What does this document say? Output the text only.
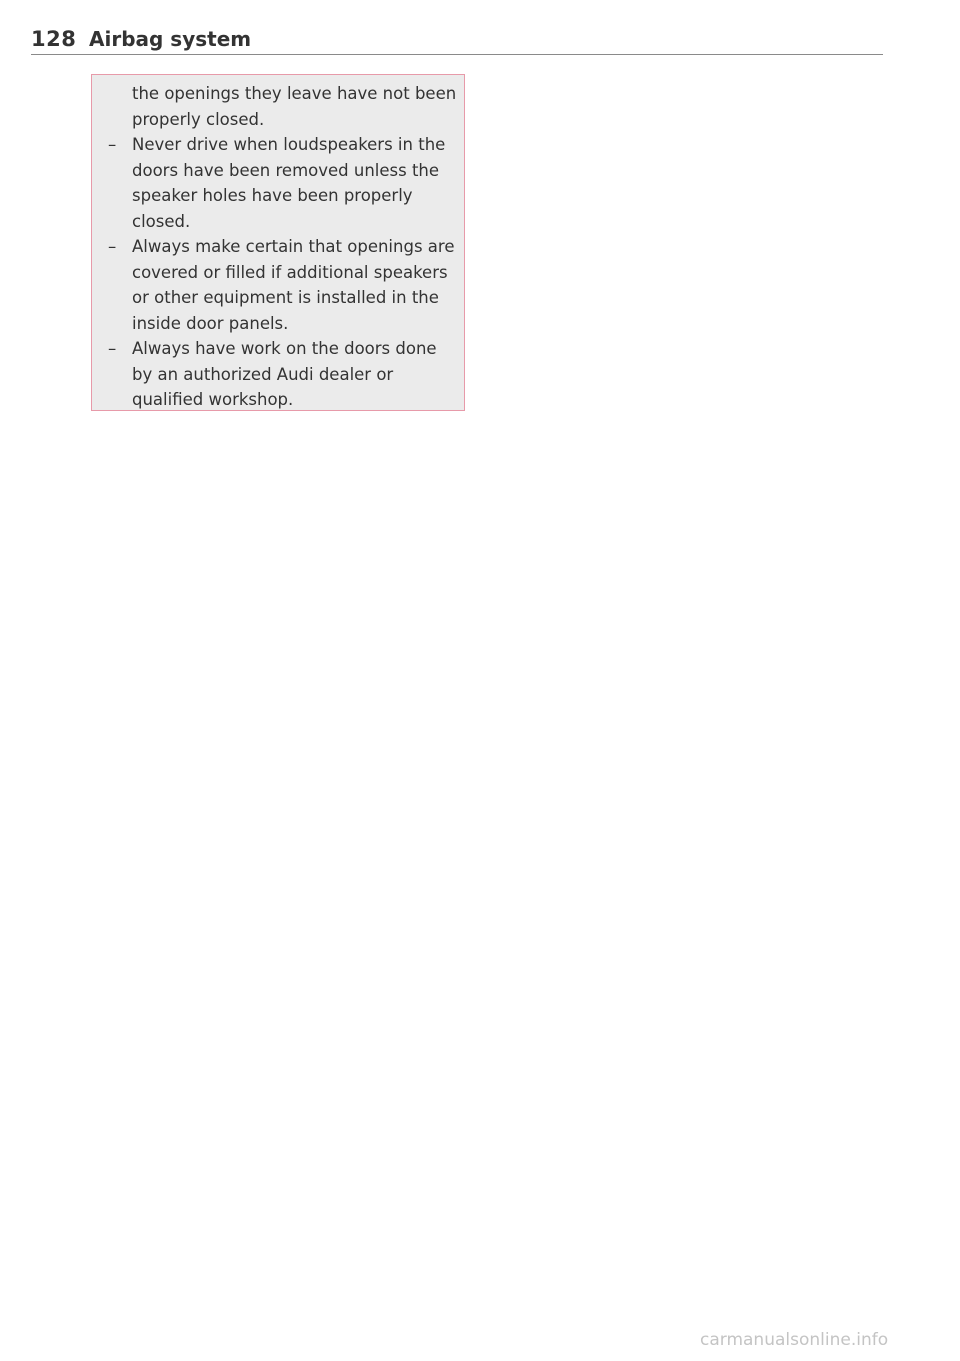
128 Airbag system
the openings they leave have not been properly closed.
– Never drive when loudspeakers in the doors have been removed unless the speaker holes have been properly closed.
– Always make certain that openings are covered or filled if additional speakers or other equipment is installed in the inside door panels.
– Always have work on the doors done by an authorized Audi dealer or qualified workshop.
carmanualsonline.info
